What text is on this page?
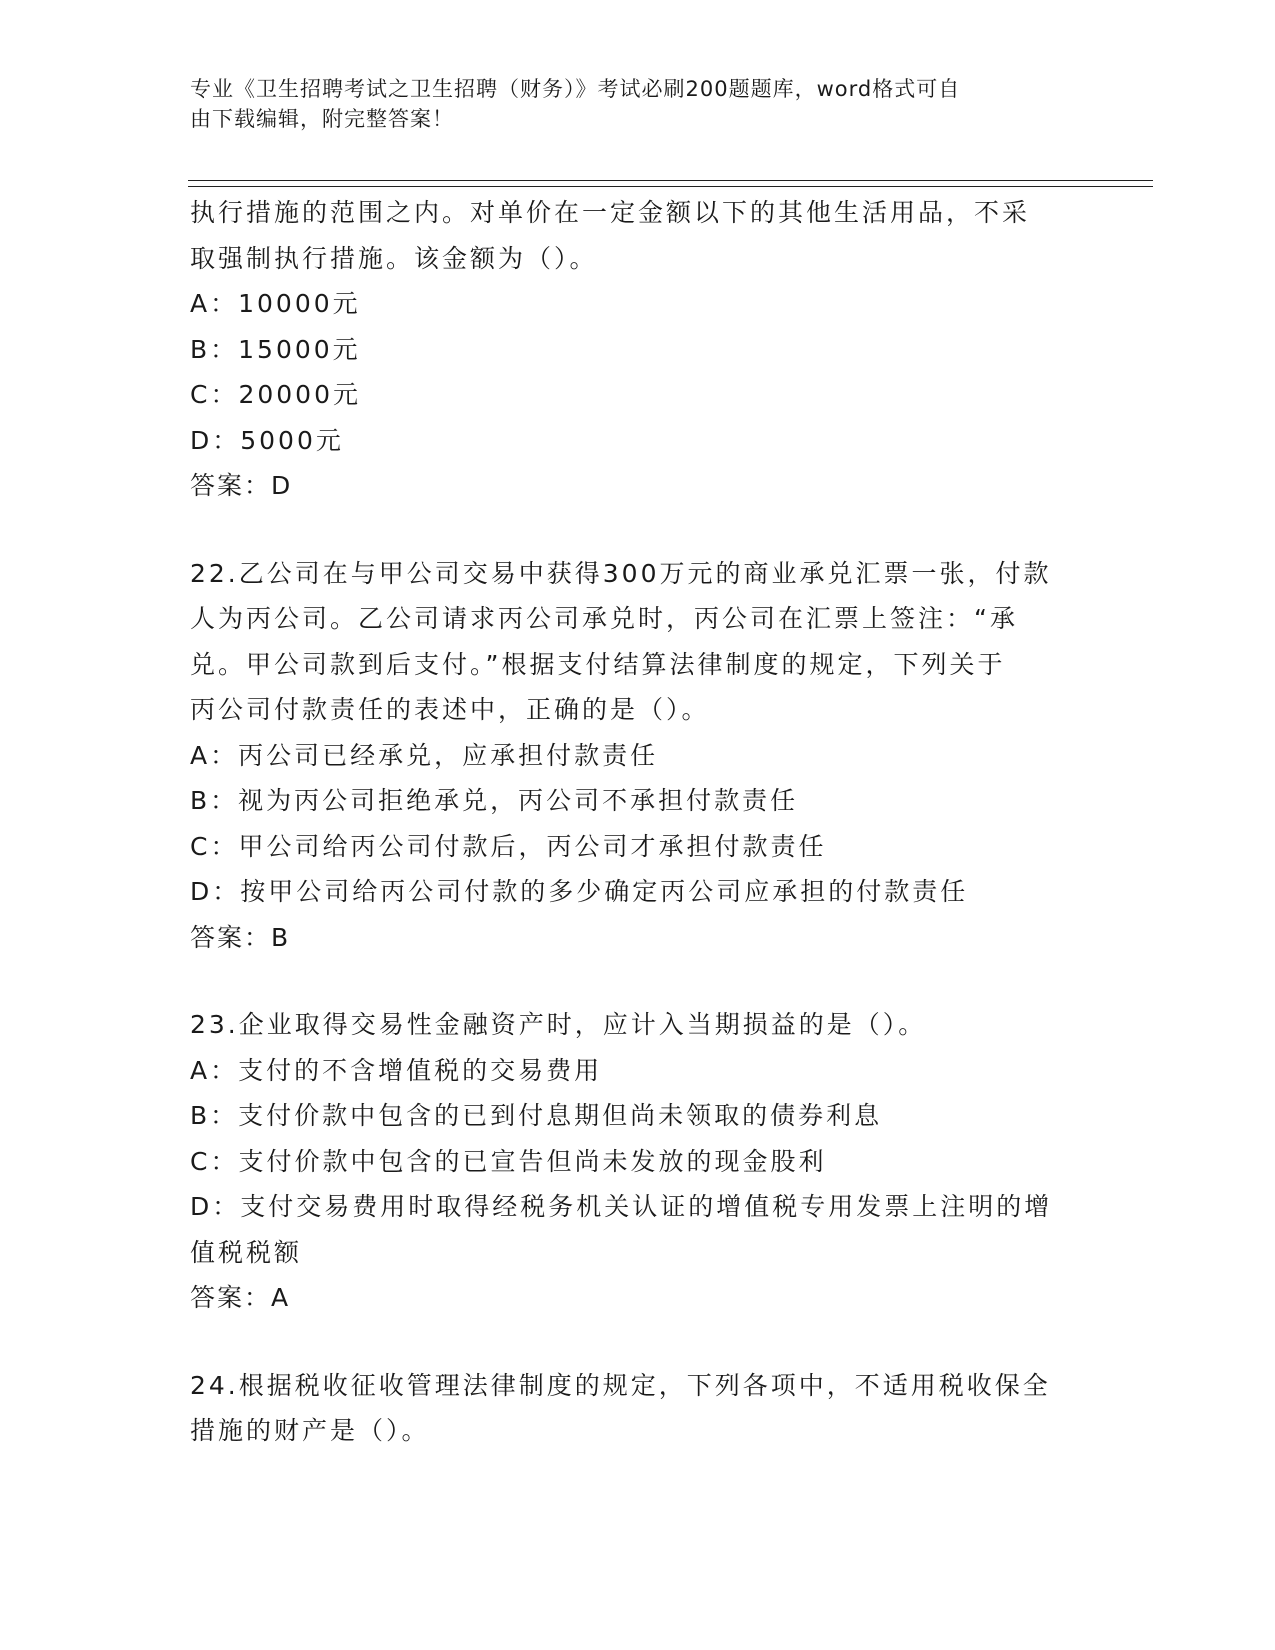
专业《卫生招聘考试之卫生招聘（财务）》考试必刷200题题库，word格式可自
由下载编辑，附完整答案！
执行措施的范围之内。对单价在一定金额以下的其他生活用品，不采
取强制执行措施。该金额为（）。
A：10000元
B：15000元
C：20000元
D：5000元
答案：D
22.乙公司在与甲公司交易中获得300万元的商业承兑汇票一张，付款
人为丙公司。乙公司请求丙公司承兑时，丙公司在汇票上签注：“承
兑。甲公司款到后支付。”根据支付结算法律制度的规定，下列关于
丙公司付款责任的表述中，正确的是（）。
A：丙公司已经承兑，应承担付款责任
B：视为丙公司拒绝承兑，丙公司不承担付款责任
C：甲公司给丙公司付款后，丙公司才承担付款责任
D：按甲公司给丙公司付款的多少确定丙公司应承担的付款责任
答案：B
23.企业取得交易性金融资产时，应计入当期损益的是（）。
A：支付的不含增值税的交易费用
B：支付价款中包含的已到付息期但尚未领取的债券利息
C：支付价款中包含的已宣告但尚未发放的现金股利
D：支付交易费用时取得经税务机关认证的增值税专用发票上注明的增
值税税额
答案：A
24.根据税收征收管理法律制度的规定，下列各项中，不适用税收保全
措施的财产是（）。
